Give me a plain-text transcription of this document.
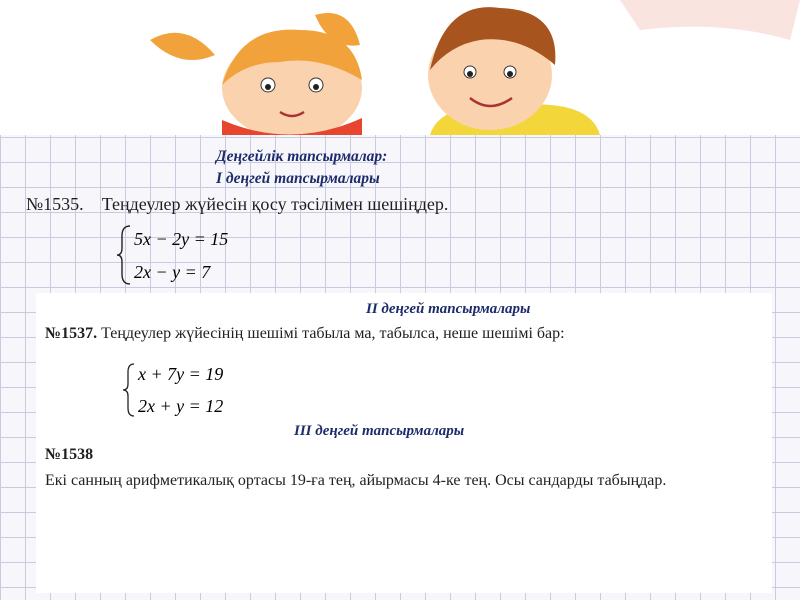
Деңгейлік тапсырмалар:
І деңгей тапсырмалары
№1535. Теңдеулер жүйесін қосу тәсілімен шешіңдер.
5x − 2y = 15
2x − y = 7
ІІ деңгей тапсырмалары
№1537. Теңдеулер жүйесінің шешімі табыла ма, табылса, неше шешімі бар:
x + 7y = 19
2x + y = 12
ІІІ деңгей тапсырмалары
№1538
Екі санның арифметикалық ортасы 19-ға тең, айырмасы 4-ке тең. Осы сандарды табыңдар.
